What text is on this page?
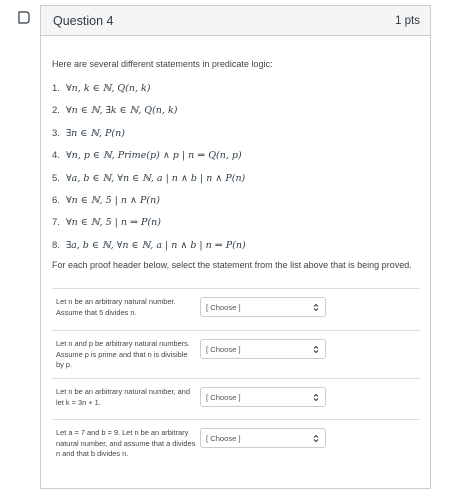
Question 4	1 pts

Here are several different statements in predicate logic:

1. ∀n, k ∈ ℕ, Q(n, k)
2. ∀n ∈ ℕ, ∃k ∈ ℕ, Q(n, k)
3. ∃n ∈ ℕ, P(n)
4. ∀n, p ∈ ℕ, Prime(p) ∧ p | n ⇒ Q(n, p)
5. ∀a, b ∈ ℕ, ∀n ∈ ℕ, a | n ∧ b | n ∧ P(n)
6. ∀n ∈ ℕ, 5 | n ∧ P(n)
7. ∀n ∈ ℕ, 5 | n ⇒ P(n)
8. ∃a, b ∈ ℕ, ∀n ∈ ℕ, a | n ∧ b | n ⇒ P(n)

For each proof header below, select the statement from the list above that is being proved.

Let n be an arbitrary natural number. Assume that 5 divides n.
[ Choose ]
Let n and p be arbitrary natural numbers. Assume p is prime and that n is divisible by p.
[ Choose ]
Let n be an arbitrary natural number, and let k = 3n + 1.
[ Choose ]
Let a = 7 and b = 9. Let n be an arbitrary natural number, and assume that a divides n and that b divides n.
[ Choose ]
